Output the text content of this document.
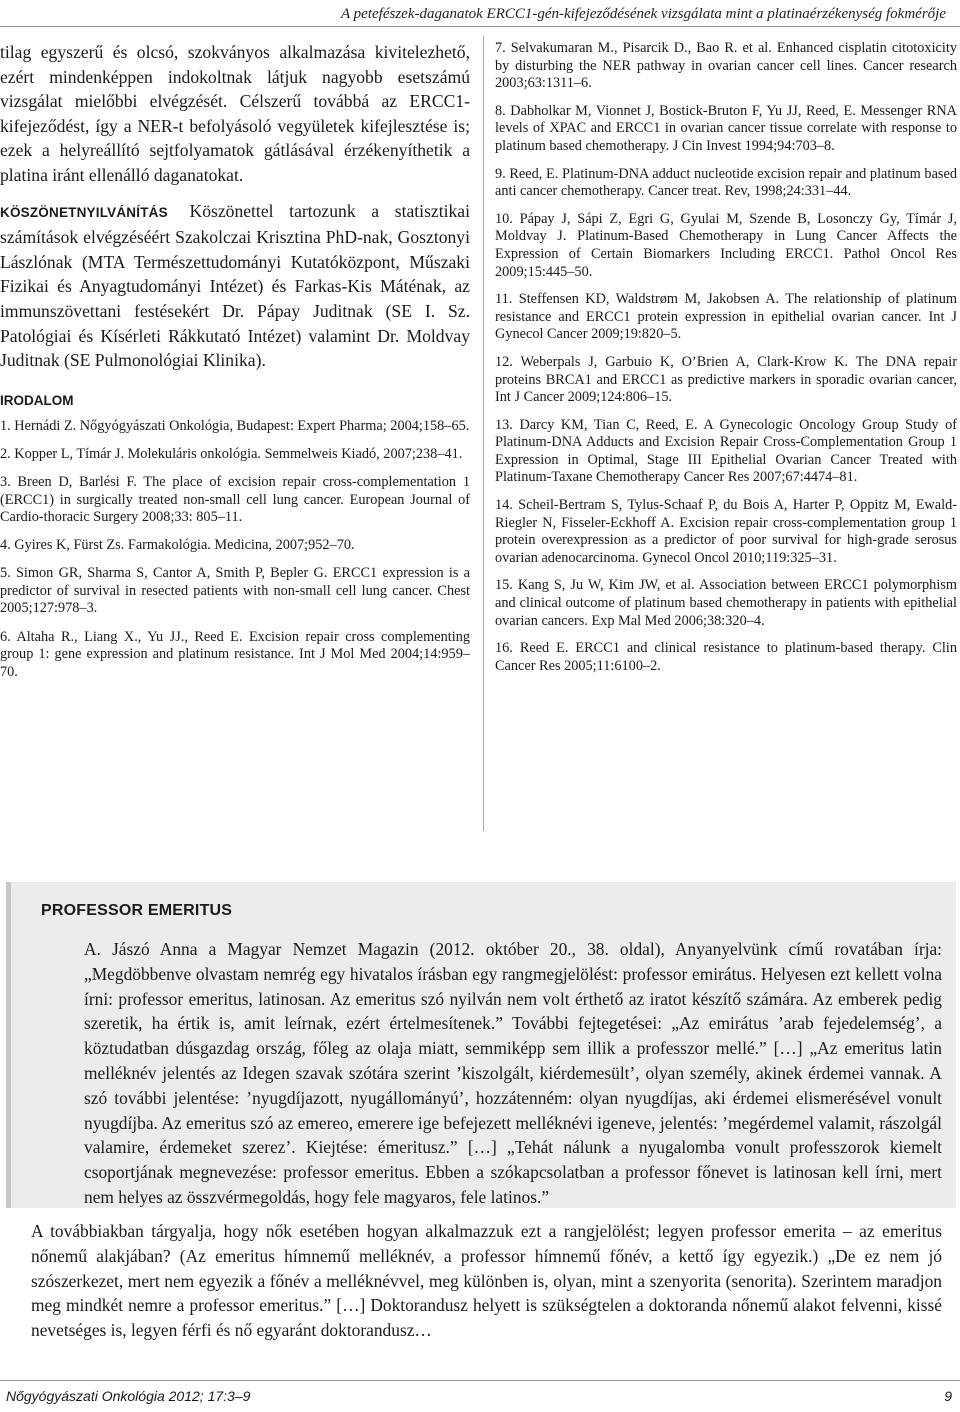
A petefészek-daganatok ERCC1-gén-kifejeződésének vizsgálata mint a platinaérzékenység fokmérője

tilag egyszerű és olcsó, szokványos alkalmazása kivitelezhető, ezért mindenképpen indokoltnak látjuk nagyobb esetszámú vizsgálat mielőbbi elvégzését. Célszerű továbbá az ERCC1-kifejeződést, így a NER-t befolyásoló vegyületek kifejlesztése is; ezek a helyreállító sejtfolyamatok gátlásával érzékenyíthetik a platina iránt ellenálló daganatokat.

KÖSZÖNETNYILVÁNÍTÁS Köszönettel tartozunk a statisztikai számítások elvégzéséért Szakolczai Krisztina PhD-nak, Gosztonyi Lászlónak (MTA Természettudományi Kutatóközpont, Műszaki Fizikai és Anyagtudományi Intézet) és Farkas-Kis Máténak, az immunszövettani festésekért Dr. Pápay Juditnak (SE I. Sz. Patológiai és Kísérleti Rákkutató Intézet) valamint Dr. Moldvay Juditnak (SE Pulmonológiai Klinika).

IRODALOM

1. Hernádi Z. Nőgyógyászati Onkológia, Budapest: Expert Pharma; 2004;158–65.

2. Kopper L, Tímár J. Molekuláris onkológia. Semmelweis Kiadó, 2007;238–41.

3. Breen D, Barlési F. The place of excision repair cross-complementation 1 (ERCC1) in surgically treated non-small cell lung cancer. European Journal of Cardio-thoracic Surgery 2008;33: 805–11.

4. Gyires K, Fürst Zs. Farmakológia. Medicina, 2007;952–70.

5. Simon GR, Sharma S, Cantor A, Smith P, Bepler G. ERCC1 expression is a predictor of survival in resected patients with non-small cell lung cancer. Chest 2005;127:978–3.

6. Altaha R., Liang X., Yu JJ., Reed E. Excision repair cross complementing group 1: gene expression and platinum resistance. Int J Mol Med 2004;14:959–70.

7. Selvakumaran M., Pisarcik D., Bao R. et al. Enhanced cisplatin citotoxicity by disturbing the NER pathway in ovarian cancer cell lines. Cancer research 2003;63:1311–6.

8. Dabholkar M, Vionnet J, Bostick-Bruton F, Yu JJ, Reed, E. Messenger RNA levels of XPAC and ERCC1 in ovarian cancer tissue correlate with response to platinum based chemotherapy. J Cin Invest 1994;94:703–8.

9. Reed, E. Platinum-DNA adduct nucleotide excision repair and platinum based anti cancer chemotherapy. Cancer treat. Rev, 1998;24:331–44.

10. Pápay J, Sápi Z, Egri G, Gyulai M, Szende B, Losonczy Gy, Tímár J, Moldvay J. Platinum-Based Chemotherapy in Lung Cancer Affects the Expression of Certain Biomarkers Including ERCC1. Pathol Oncol Res 2009;15:445–50.

11. Steffensen KD, Waldstrøm M, Jakobsen A. The relationship of platinum resistance and ERCC1 protein expression in epithelial ovarian cancer. Int J Gynecol Cancer 2009;19:820–5.

12. Weberpals J, Garbuio K, O’Brien A, Clark-Krow K. The DNA repair proteins BRCA1 and ERCC1 as predictive markers in sporadic ovarian cancer, Int J Cancer 2009;124:806–15.

13. Darcy KM, Tian C, Reed, E. A Gynecologic Oncology Group Study of Platinum-DNA Adducts and Excision Repair Cross-Complementation Group 1 Expression in Optimal, Stage III Epithelial Ovarian Cancer Treated with Platinum-Taxane Chemotherapy Cancer Res 2007;67:4474–81.

14. Scheil-Bertram S, Tylus-Schaaf P, du Bois A, Harter P, Oppitz M, Ewald-Riegler N, Fisseler-Eckhoff A. Excision repair cross-complementation group 1 protein overexpression as a predictor of poor survival for high-grade serosus ovarian adenocarcinoma. Gynecol Oncol 2010;119:325–31.

15. Kang S, Ju W, Kim JW, et al. Association between ERCC1 polymorphism and clinical outcome of platinum based chemotherapy in patients with epithelial ovarian cancers. Exp Mal Med 2006;38:320–4.

16. Reed E. ERCC1 and clinical resistance to platinum-based therapy. Clin Cancer Res 2005;11:6100–2.

PROFESSOR EMERITUS

A. Jászó Anna a Magyar Nemzet Magazin (2012. október 20., 38. oldal), Anyanyelvünk című rovatában írja: „Megdöbbenve olvastam nemrég egy hivatalos írásban egy rangmegjelölést: professor emirátus. Helyesen ezt kellett volna írni: professor emeritus, latinosan. Az emeritus szó nyilván nem volt érthető az iratot készítő számára. Az emberek pedig szeretik, ha értik is, amit leírnak, ezért értelmesítenek.” További fejtegetései: „Az emirátus ’arab fejedelemség’, a köztudatban dúsgazdag ország, főleg az olaja miatt, semmiképp sem illik a professzor mellé.” […] „Az emeritus latin melléknév jelentés az Idegen szavak szótára szerint ’kiszolgált, kiérdemesült’, olyan személy, akinek érdemei vannak. A szó további jelentése: ’nyugdíjazott, nyugállományú’, hozzátenném: olyan nyugdíjas, aki érdemei elismerésével vonult nyugdíjba. Az emeritus szó az emereo, emerere ige befejezett melléknévi igeneve, jelentés: ’megérdemel valamit, rászolgál valamire, érdemeket szerez’. Kiejtése: émeritusz.” […] „Tehát nálunk a nyugalomba vonult professzorok kiemelt csoportjának megnevezése: professor emeritus. Ebben a szókapcsolatban a professor főnevet is latinosan kell írni, mert nem helyes az összvérmegoldás, hogy fele magyaros, fele latinos.”

A továbbiakban tárgyalja, hogy nők esetében hogyan alkalmazzuk ezt a rangjelölést; legyen professor emerita – az emeritus nőnemű alakjában? (Az emeritus hímnemű melléknév, a professor hímnemű főnév, a kettő így egyezik.) „De ez nem jó szószerkezet, mert nem egyezik a főnév a melléknévvel, meg különben is, olyan, mint a szenyorita (senorita). Szerintem maradjon meg mindkét nemre a professor emeritus.” […] Doktorandusz helyett is szükségtelen a doktoranda nőnemű alakot felvenni, kissé nevetséges is, legyen férfi és nő egyaránt doktorandusz…

Nőgyógyászati Onkológia 2012; 17:3–9	9
